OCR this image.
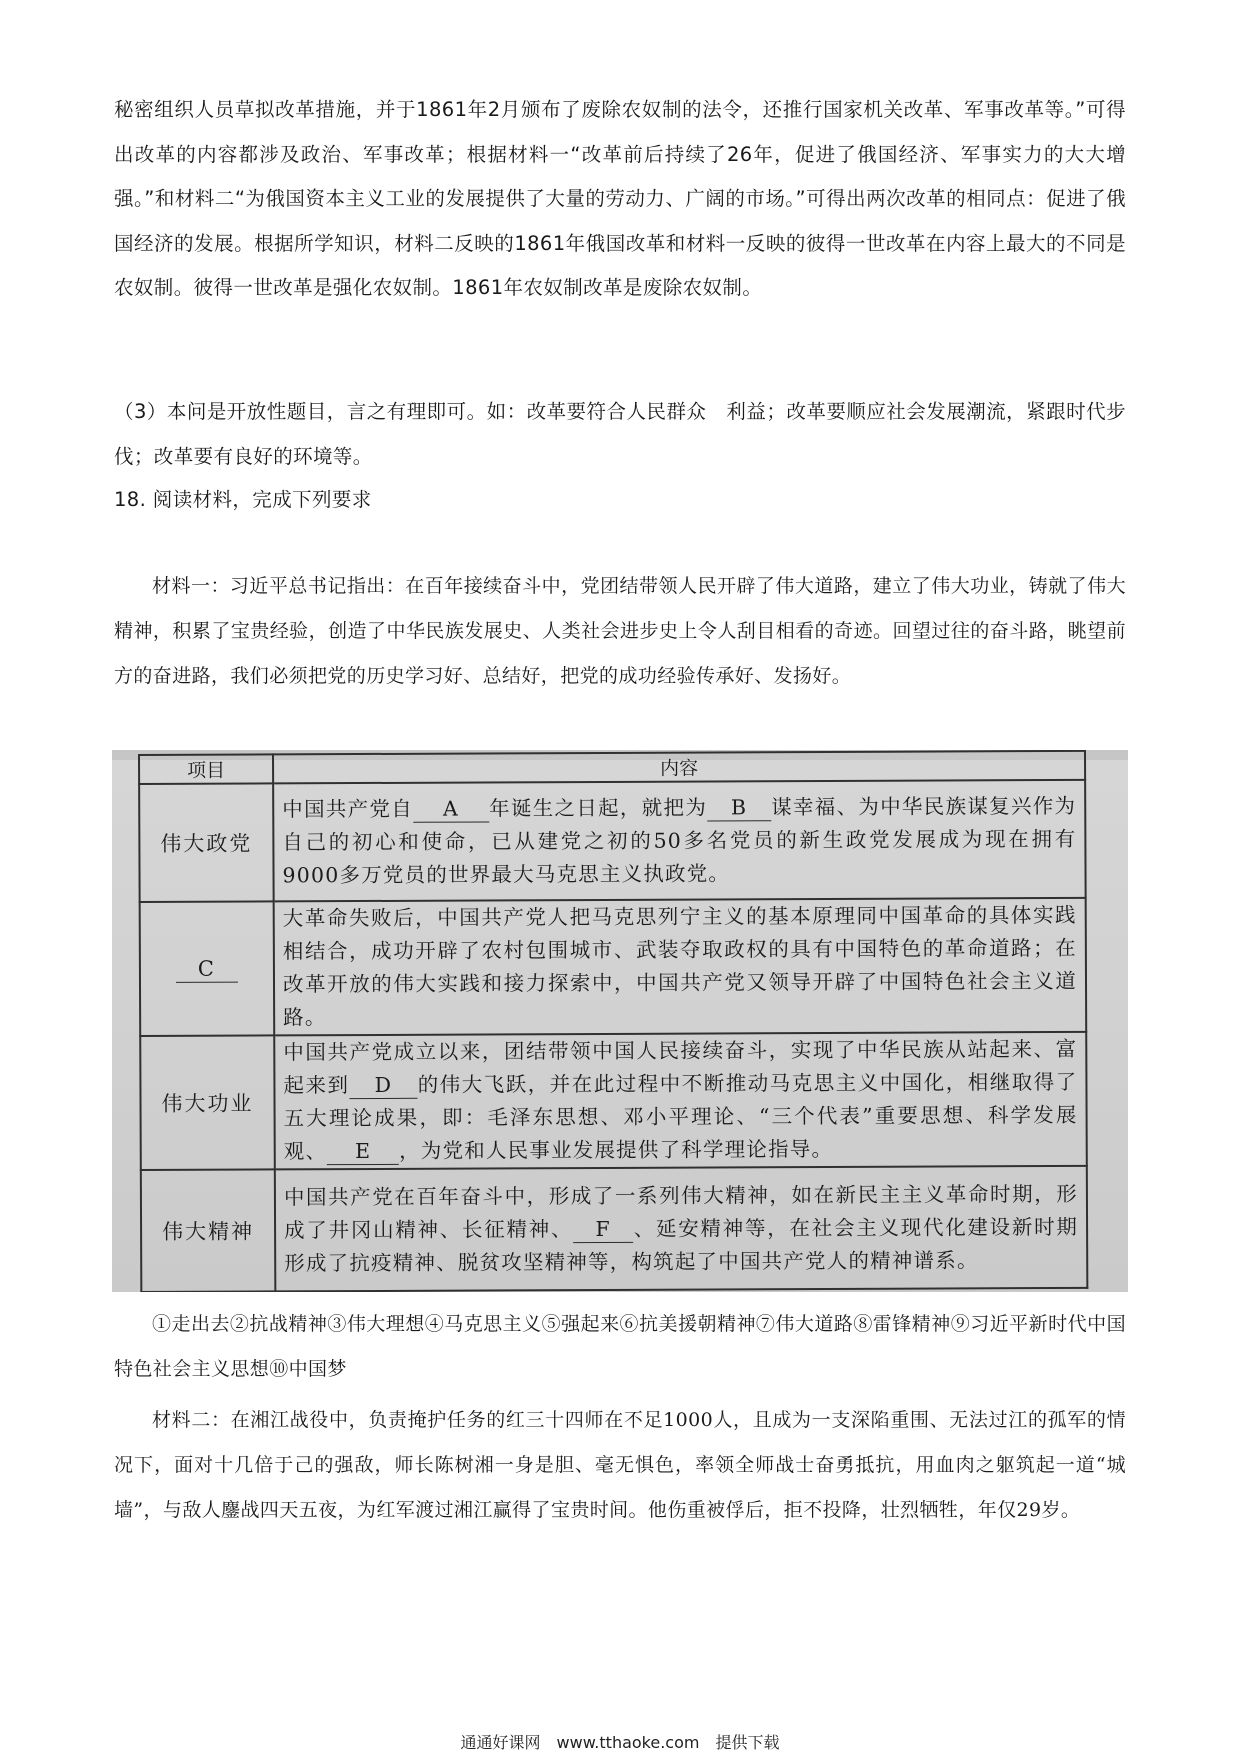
秘密组织人员草拟改革措施，并于1861年2月颁布了废除农奴制的法令，还推行国家机关改革、军事改革等。”可得出改革的内容都涉及政治、军事改革；根据材料一“改革前后持续了26年，促进了俄国经济、军事实力的大大增强。”和材料二“为俄国资本主义工业的发展提供了大量的劳动力、广阔的市场。”可得出两次改革的相同点：促进了俄国经济的发展。根据所学知识，材料二反映的1861年俄国改革和材料一反映的彼得一世改革在内容上最大的不同是农奴制。彼得一世改革是强化农奴制。1861年农奴制改革是废除农奴制。
（3）本问是开放性题目，言之有理即可。如：改革要符合人民群众　利益；改革要顺应社会发展潮流，紧跟时代步伐；改革要有良好的环境等。
18. 阅读材料，完成下列要求
材料一：习近平总书记指出：在百年接续奋斗中，党团结带领人民开辟了伟大道路，建立了伟大功业，铸就了伟大精神，积累了宝贵经验，创造了中华民族发展史、人类社会进步史上令人刮目相看的奇迹。回望过往的奋斗路，眺望前方的奋进路，我们必须把党的历史学习好、总结好，把党的成功经验传承好、发扬好。
项目	内容
伟大政党	中国共产党自 A 年诞生之日起，就把为 B 谋幸福、为中华民族谋复兴作为自己的初心和使命，已从建党之初的50多名党员的新生政党发展成为现在拥有9000多万党员的世界最大马克思主义执政党。
C	大革命失败后，中国共产党人把马克思列宁主义的基本原理同中国革命的具体实践相结合，成功开辟了农村包围城市、武装夺取政权的具有中国特色的革命道路；在改革开放的伟大实践和接力探索中，中国共产党又领导开辟了中国特色社会主义道路。
伟大功业	中国共产党成立以来，团结带领中国人民接续奋斗，实现了中华民族从站起来、富起来到 D 的伟大飞跃，并在此过程中不断推动马克思主义中国化，相继取得了五大理论成果，即：毛泽东思想、邓小平理论、“三个代表”重要思想、科学发展观、 E ，为党和人民事业发展提供了科学理论指导。
伟大精神	中国共产党在百年奋斗中，形成了一系列伟大精神，如在新民主主义革命时期，形成了井冈山精神、长征精神、 F 、延安精神等，在社会主义现代化建设新时期形成了抗疫精神、脱贫攻坚精神等，构筑起了中国共产党人的精神谱系。
①走出去②抗战精神③伟大理想④马克思主义⑤强起来⑥抗美援朝精神⑦伟大道路⑧雷锋精神⑨习近平新时代中国特色社会主义思想⑩中国梦
材料二：在湘江战役中，负责掩护任务的红三十四师在不足1000人，且成为一支深陷重围、无法过江的孤军的情况下，面对十几倍于己的强敌，师长陈树湘一身是胆、毫无惧色，率领全师战士奋勇抵抗，用血肉之躯筑起一道“城墙”，与敌人鏖战四天五夜，为红军渡过湘江赢得了宝贵时间。他伤重被俘后，拒不投降，壮烈牺牲，年仅29岁。
通通好课网　www.tthaoke.com　提供下载
